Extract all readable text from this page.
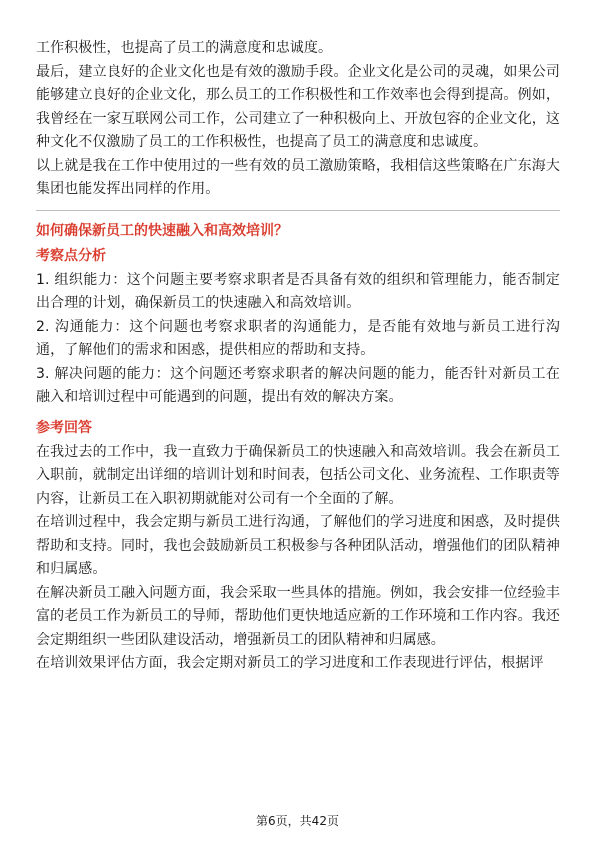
工作积极性，也提高了员工的满意度和忠诚度。

最后，建立良好的企业文化也是有效的激励手段。企业文化是公司的灵魂，如果公司能够建立良好的企业文化，那么员工的工作积极性和工作效率也会得到提高。例如，我曾经在一家互联网公司工作，公司建立了一种积极向上、开放包容的企业文化，这种文化不仅激励了员工的工作积极性，也提高了员工的满意度和忠诚度。

以上就是我在工作中使用过的一些有效的员工激励策略，我相信这些策略在广东海大集团也能发挥出同样的作用。

如何确保新员工的快速融入和高效培训？

考察点分析

1. 组织能力：这个问题主要考察求职者是否具备有效的组织和管理能力，能否制定出合理的计划，确保新员工的快速融入和高效培训。

2. 沟通能力：这个问题也考察求职者的沟通能力，是否能有效地与新员工进行沟通，了解他们的需求和困惑，提供相应的帮助和支持。

3. 解决问题的能力：这个问题还考察求职者的解决问题的能力，能否针对新员工在融入和培训过程中可能遇到的问题，提出有效的解决方案。

参考回答

在我过去的工作中，我一直致力于确保新员工的快速融入和高效培训。我会在新员工入职前，就制定出详细的培训计划和时间表，包括公司文化、业务流程、工作职责等内容，让新员工在入职初期就能对公司有一个全面的了解。

在培训过程中，我会定期与新员工进行沟通，了解他们的学习进度和困惑，及时提供帮助和支持。同时，我也会鼓励新员工积极参与各种团队活动，增强他们的团队精神和归属感。

在解决新员工融入问题方面，我会采取一些具体的措施。例如，我会安排一位经验丰富的老员工作为新员工的导师，帮助他们更快地适应新的工作环境和工作内容。我还会定期组织一些团队建设活动，增强新员工的团队精神和归属感。

在培训效果评估方面，我会定期对新员工的学习进度和工作表现进行评估，根据评

第6页，共42页
